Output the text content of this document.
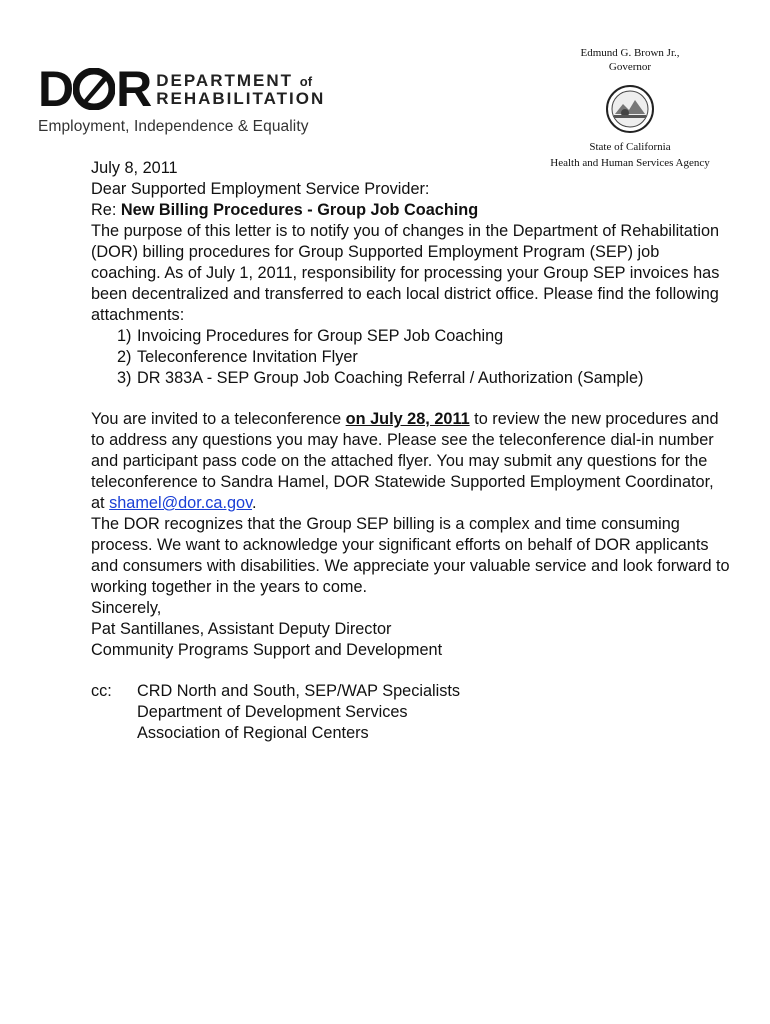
D R DEPARTMENT of
REHABILITATION
Employment, Independence & Equality
Edmund G. Brown Jr.,
Governor
State of California
Health and Human Services Agency

July 8, 2011

Dear Supported Employment Service Provider:

Re: New Billing Procedures - Group Job Coaching

The purpose of this letter is to notify you of changes in the Department of Rehabilitation (DOR) billing procedures for Group Supported Employment Program (SEP) job coaching. As of July 1, 2011, responsibility for processing your Group SEP invoices has been decentralized and transferred to each local district office. Please find the following attachments:

1) Invoicing Procedures for Group SEP Job Coaching
2) Teleconference Invitation Flyer
3) DR 383A - SEP Group Job Coaching Referral / Authorization (Sample)

You are invited to a teleconference on July 28, 2011 to review the new procedures and to address any questions you may have. Please see the teleconference dial-in number and participant pass code on the attached flyer. You may submit any questions for the teleconference to Sandra Hamel, DOR Statewide Supported Employment Coordinator, at shamel@dor.ca.gov.

The DOR recognizes that the Group SEP billing is a complex and time consuming process. We want to acknowledge your significant efforts on behalf of DOR applicants and consumers with disabilities. We appreciate your valuable service and look forward to working together in the years to come.

Sincerely,

Pat Santillanes, Assistant Deputy Director

Community Programs Support and Development

cc:	CRD North and South, SEP/WAP Specialists
Department of Development Services
Association of Regional Centers
